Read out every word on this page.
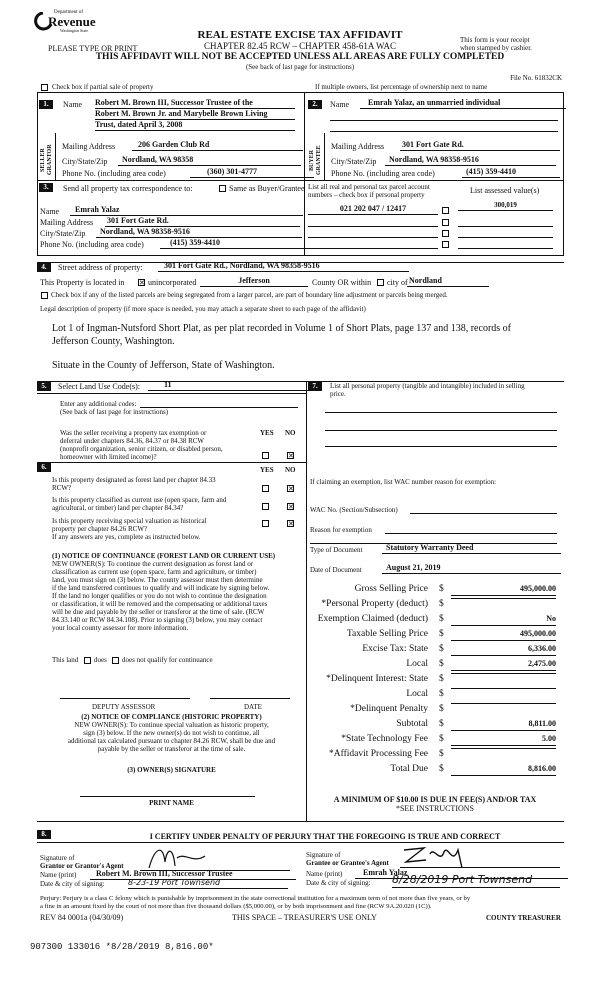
Department of
Revenue
Washington State
PLEASE TYPE OR PRINT
REAL ESTATE EXCISE TAX AFFIDAVIT
CHAPTER 82.45 RCW – CHAPTER 458-61A WAC
THIS AFFIDAVIT WILL NOT BE ACCEPTED UNLESS ALL AREAS ARE FULLY COMPLETED
(See back of last page for instructions)
This form is your receipt
when stamped by cashier.
File No. 61832CK
Check box if partial sale of property	If multiple owners, list percentage of ownership next to name
1.
SELLER GRANTOR
Name Robert M. Brown III, Successor Trustee of the
Robert M. Brown Jr. and Marybelle Brown Living
Trust, dated April 3, 2008
Mailing Address	206 Garden Club Rd
City/State/Zip	Nordland, WA 98358
Phone No. (including area code)	(360) 301-4777
2.
BUYER GRANTEE
Name	Emrah Yalaz, an unmarried individual
Mailing Address 301 Fort Gate Rd.
City/State/Zip	Nordland, WA 98358-9516
Phone No. (including area code)	(415) 359-4410
3.	Send all property tax correspondence to:	Same as Buyer/Grantee
Name	Emrah Yalaz
Mailing Address 301 Fort Gate Rd.
City/State/Zip	Nordland, WA 98358-9516
Phone No. (including area code)	(415) 359-4410
List all real and personal tax parcel account
numbers – check box if personal property	List assessed value(s)
021 202 047 / 12417	300,019
4.	Street address of property:	301 Fort Gate Rd., Nordland, WA 98358-9516
This Property is located in ✕ unincorporated	Jefferson	County OR within city of Nordland
Check box if any of the listed parcels are being segregated from a larger parcel, are part of boundary line adjustment or parcels being merged.
Legal description of property (if more space is needed, you may attach a separate sheet to each page of the affidavit)
Lot 1 of Ingman-Nutsford Short Plat, as per plat recorded in Volume 1 of Short Plats, page 137 and 138, records of
Jefferson County, Washington.
Situate in the County of Jefferson, State of Washington.
5.	Select Land Use Code(s):	11
Enter any additional codes:
(See back of last page for instructions)
YES NO
Was the seller receiving a property tax exemption or
deferral under chapters 84.36, 84.37 or 84.38 RCW
(nonprofit organization, senior citizen, or disabled person,
homeowner with limited income)?	✕
6.	YES NO
Is this property designated as forest land per chapter 84.33
RCW?	✕
Is this property classified as current use (open space, farm and
agricultural, or timber) land per chapter 84.34?	✕
Is this property receiving special valuation as historical
property per chapter 84.26 RCW?
✕
If any answers are yes, complete as instructed below.
(1) NOTICE OF CONTINUANCE (FOREST LAND OR CURRENT USE)
NEW OWNER(S): To continue the current designation as forest land or
classification as current use (open space, farm and agriculture, or timber)
land, you must sign on (3) below. The county assessor must then determine
if the land transferred continues to qualify and will indicate by signing below.
If the land no longer qualifies or you do not wish to continue the designation
or classification, it will be removed and the compensating or additional taxes
will be due and payable by the seller or transferor at the time of sale. (RCW
84.33.140 or RCW 84.34.108). Prior to signing (3) below, you may contact
your local county assessor for more information.
This land does does not qualify for continuance
DEPUTY ASSESSOR	DATE
(2) NOTICE OF COMPLIANCE (HISTORIC PROPERTY)
NEW OWNER(S): To continue special valuation as historic property,
sign (3) below. If the new owner(s) do not wish to continue, all
additional tax calculated pursuant to chapter 84.26 RCW, shall be due and
payable by the seller or transferor at the time of sale.
(3) OWNER(S) SIGNATURE
PRINT NAME
7.	List all personal property (tangible and intangible) included in selling
price.
If claiming an exemption, list WAC number reason for exemption:
WAC No. (Section/Subsection)
Reason for exemption
Type of Document	Statutory Warranty Deed
Date of Document	August 21, 2019
Gross Selling Price $	495,000.00
*Personal Property (deduct) $
Exemption Claimed (deduct) $	No
Taxable Selling Price $	495,000.00
Excise Tax: State $	6,336.00
Local $	2,475.00
*Delinquent Interest: State $
Local $
*Delinquent Penalty $
Subtotal $	8,811.00
*State Technology Fee $	5.00
*Affidavit Processing Fee $
Total Due $	8,816.00
A MINIMUM OF $10.00 IS DUE IN FEE(S) AND/OR TAX
*SEE INSTRUCTIONS
8.	I CERTIFY UNDER PENALTY OF PERJURY THAT THE FOREGOING IS TRUE AND CORRECT
Signature of
Grantor or Grantor's Agent
Name (print)	Robert M. Brown III, Successor Trustee
Date & city of signing:	8-23-19 Port Townsend
Signature of
Grantee or Grantee's Agent
Name (print)	Emrah Yalaz
Date & city of signing: 8/28/2019 Port Townsend
Perjury: Perjury is a class C felony which is punishable by imprisonment in the state correctional institution for a maximum term of not more than five years, or by
a fine in an amount fixed by the court of not more than five thousand dollars ($5,000.00), or by both imprisonment and fine (RCW 9A.20.020 (1C)).
REV 84 0001a (04/30/09)	THIS SPACE – TREASURER'S USE ONLY	COUNTY TREASURER
907300 133016 *8/28/2019 8,816.00*
